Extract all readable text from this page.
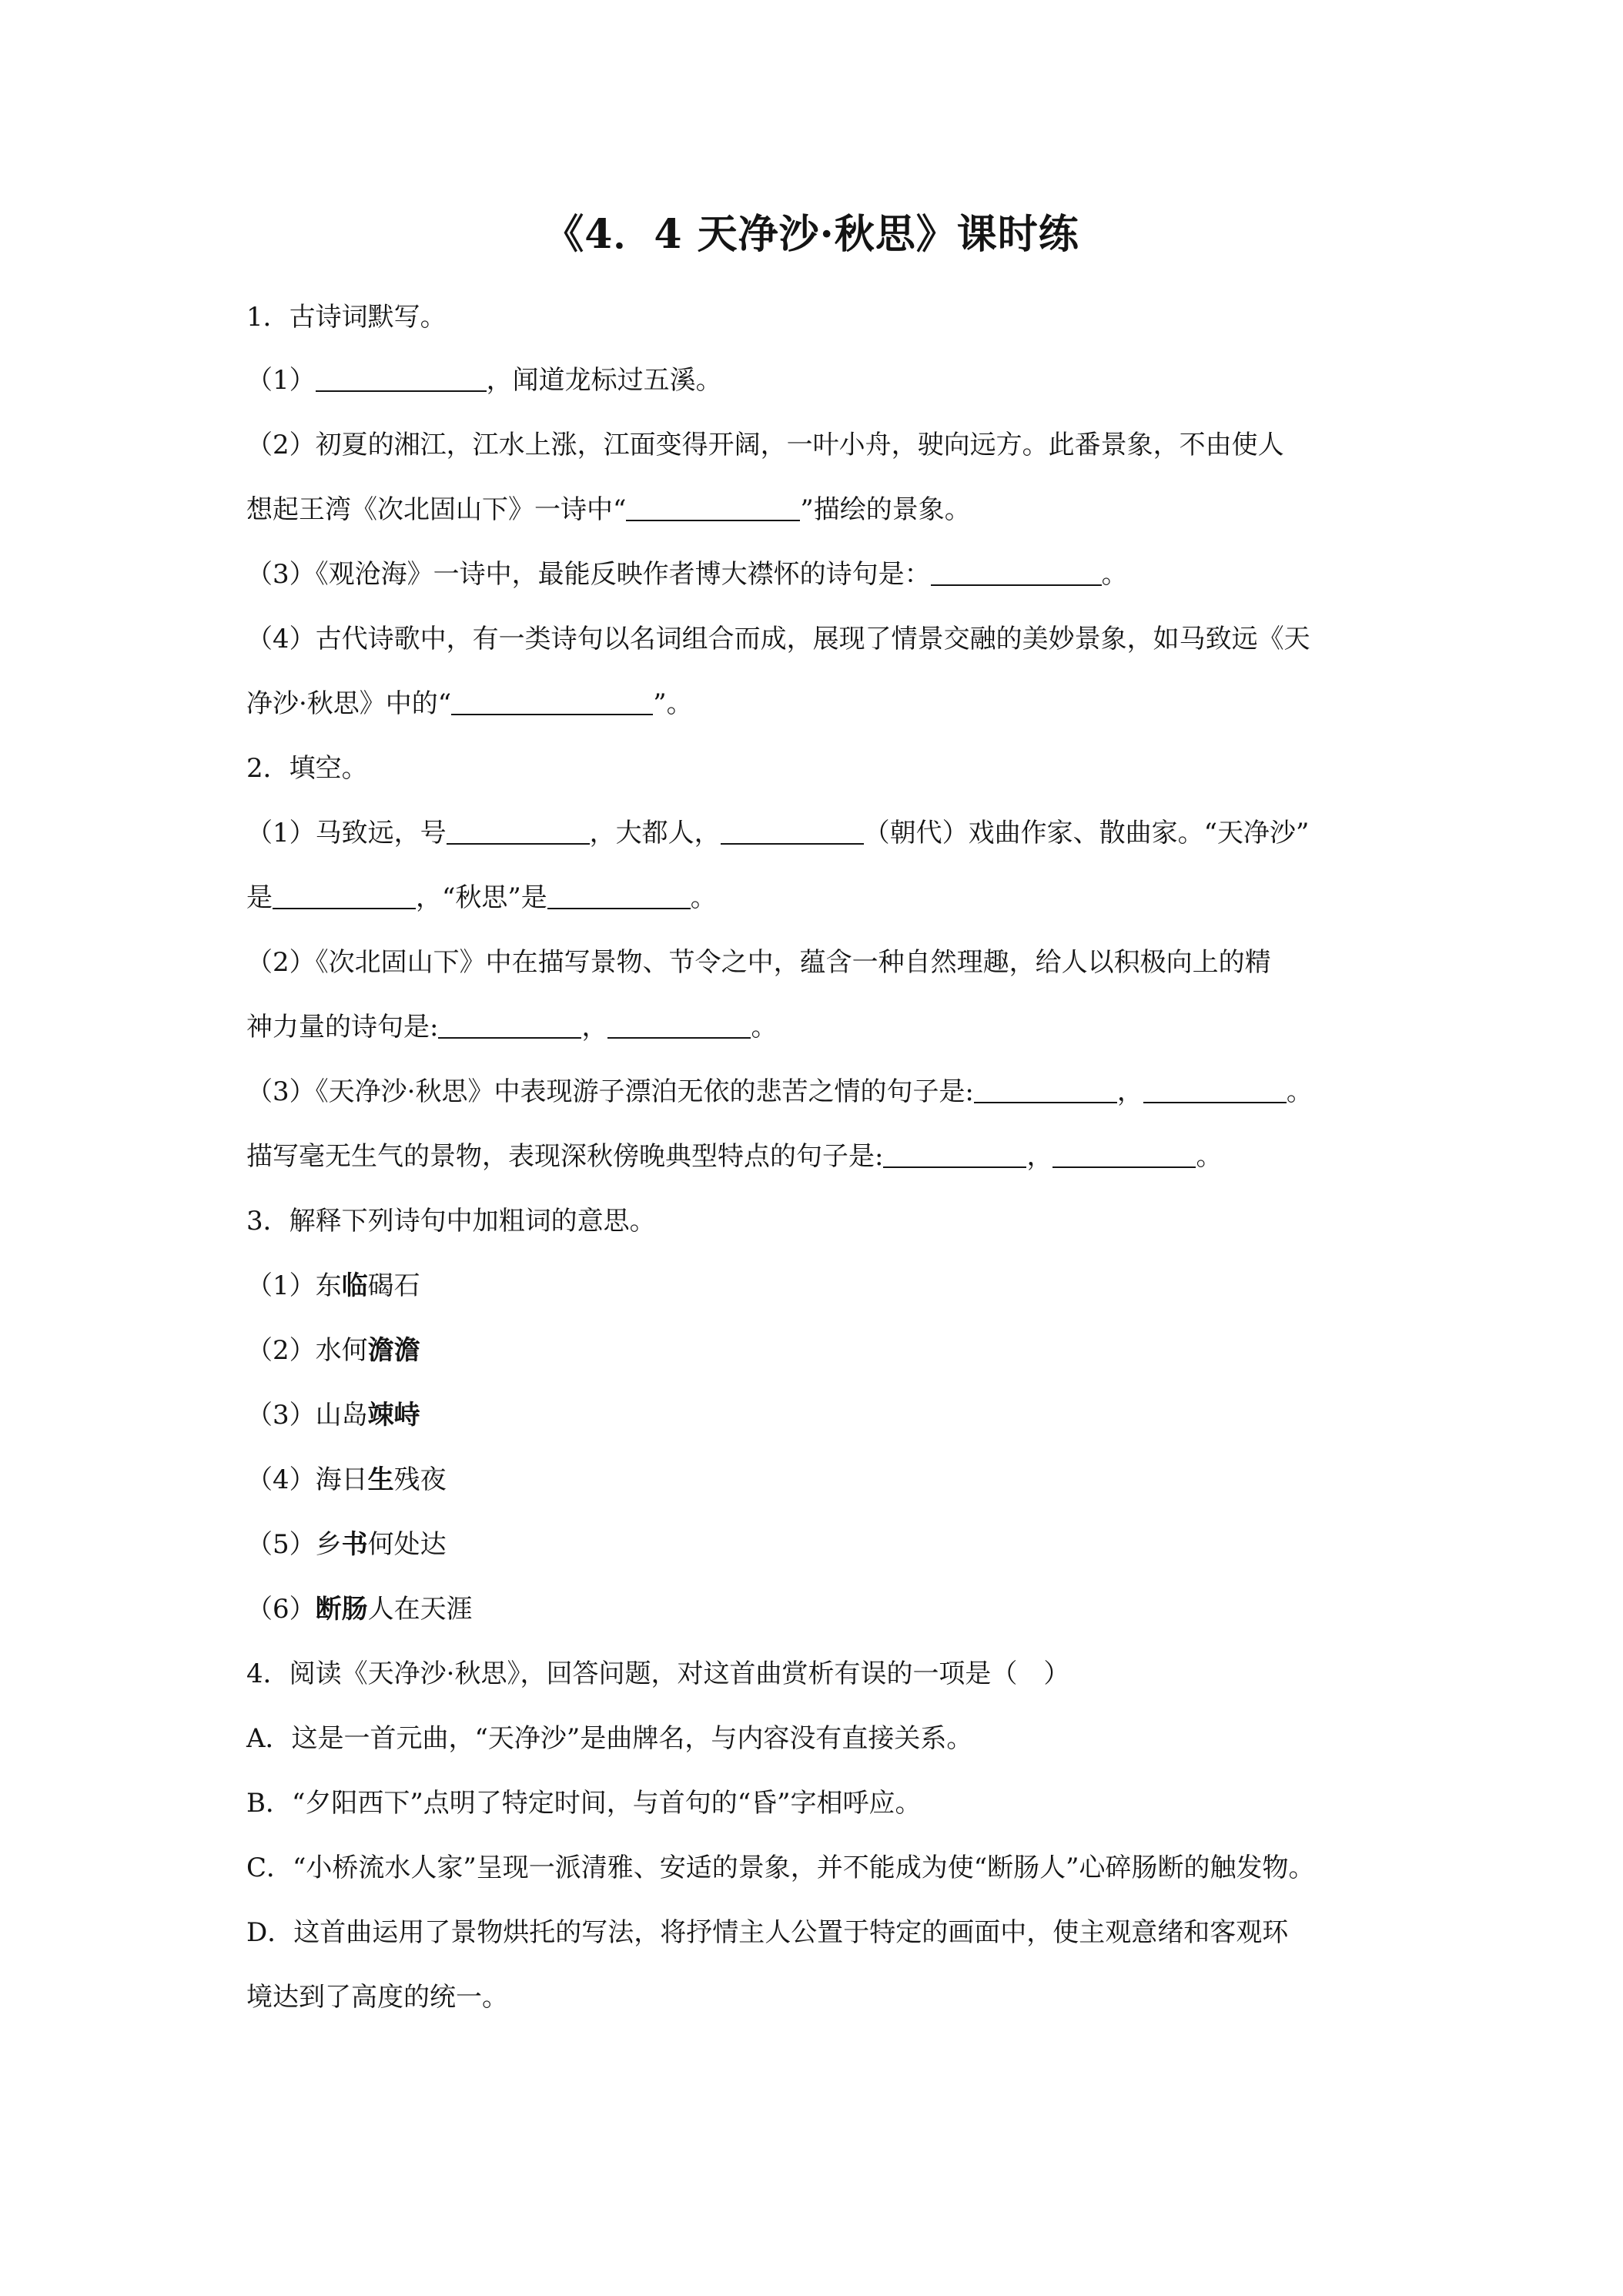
《4．4 天净沙·秋思》课时练
1．古诗词默写。
（1）	，闻道龙标过五溪。
（2）初夏的湘江，江水上涨，江面变得开阔，一叶小舟，驶向远方。此番景象，不由使人
想起王湾《次北固山下》一诗中“	”描绘的景象。
（3）《观沧海》一诗中，最能反映作者博大襟怀的诗句是：	。
（4）古代诗歌中，有一类诗句以名词组合而成，展现了情景交融的美妙景象，如马致远《天
净沙·秋思》中的“	”。
2．填空。
（1）马致远，号	，大都人，	（朝代）戏曲作家、散曲家。“天净沙”
是	，“秋思”是	。
（2）《次北固山下》中在描写景物、节令之中，蕴含一种自然理趣，给人以积极向上的精
神力量的诗句是:	，	。
（3）《天净沙·秋思》中表现游子漂泊无依的悲苦之情的句子是:	，	。
描写毫无生气的景物，表现深秋傍晚典型特点的句子是:	，	。
3．解释下列诗句中加粗词的意思。
（1）东临碣石
（2）水何澹澹
（3）山岛竦峙
（4）海日生残夜
（5）乡书何处达
（6）断肠人在天涯
4．阅读《天净沙·秋思》，回答问题，对这首曲赏析有误的一项是（　）
A．这是一首元曲，“天净沙”是曲牌名，与内容没有直接关系。
B．“夕阳西下”点明了特定时间，与首句的“昏”字相呼应。
C．“小桥流水人家”呈现一派清雅、安适的景象，并不能成为使“断肠人”心碎肠断的触发物。
D．这首曲运用了景物烘托的写法，将抒情主人公置于特定的画面中，使主观意绪和客观环
境达到了高度的统一。
